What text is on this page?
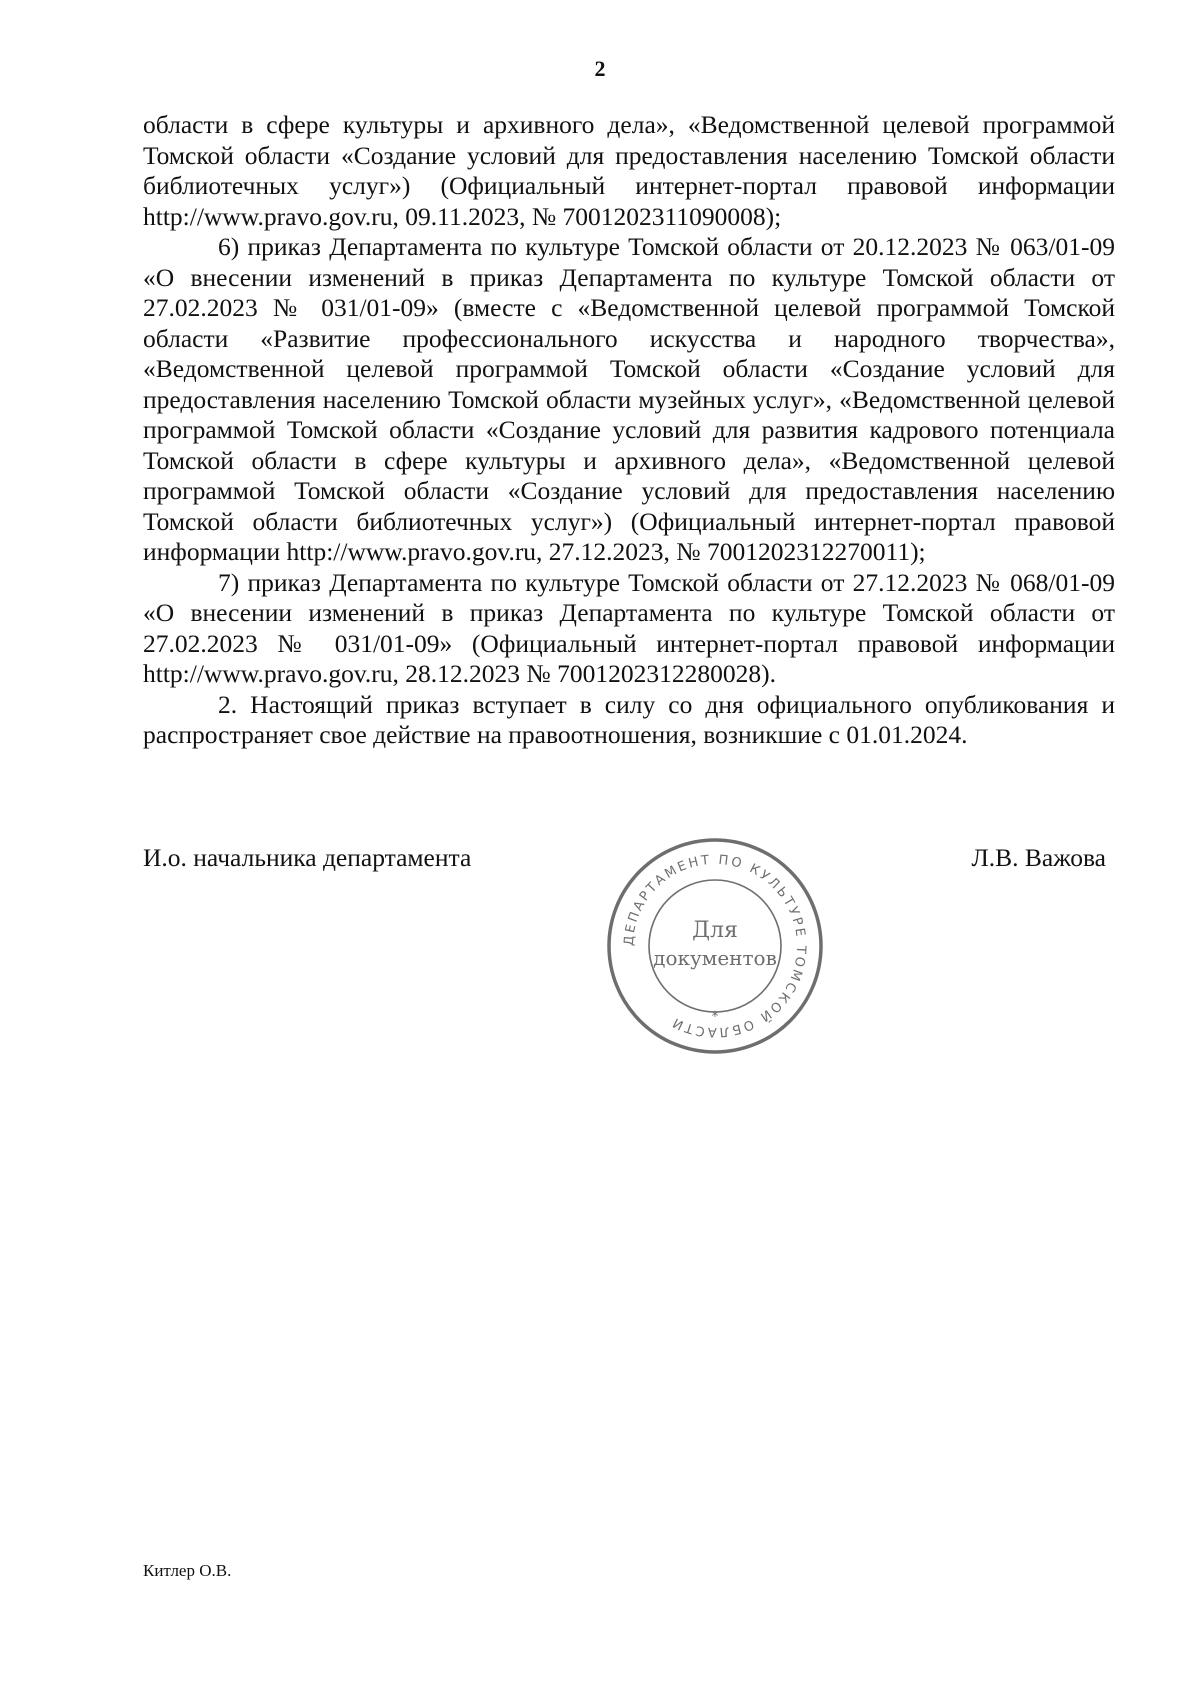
2

области в сфере культуры и архивного дела», «Ведомственной целевой программой Томской области «Создание условий для предоставления населению Томской области библиотечных услуг») (Официальный интернет-портал правовой информации http://www.pravo.gov.ru, 09.11.2023, № 7001202311090008);

6) приказ Департамента по культуре Томской области от 20.12.2023 № 063/01-09 «О внесении изменений в приказ Департамента по культуре Томской области от 27.02.2023 № 031/01-09» (вместе с «Ведомственной целевой программой Томской области «Развитие профессионального искусства и народного творчества», «Ведомственной целевой программой Томской области «Создание условий для предоставления населению Томской области музейных услуг», «Ведомственной целевой программой Томской области «Создание условий для развития кадрового потенциала Томской области в сфере культуры и архивного дела», «Ведомственной целевой программой Томской области «Создание условий для предоставления населению Томской области библиотечных услуг») (Официальный интернет-портал правовой информации http://www.pravo.gov.ru, 27.12.2023, № 7001202312270011);

7) приказ Департамента по культуре Томской области от 27.12.2023 № 068/01-09 «О внесении изменений в приказ Департамента по культуре Томской области от 27.02.2023 № 031/01-09» (Официальный интернет-портал правовой информации http://www.pravo.gov.ru, 28.12.2023 № 7001202312280028).

2. Настоящий приказ вступает в силу со дня официального опубликования и распространяет свое действие на правоотношения, возникшие с 01.01.2024.

И.о. начальника департамента	Л.В. Важова
ДЕПАРТАМЕНТ ПО КУЛЬТУРЕ ТОМСКОЙ ОБЛАСТИ
Для
документов
*
Китлер О.В.
